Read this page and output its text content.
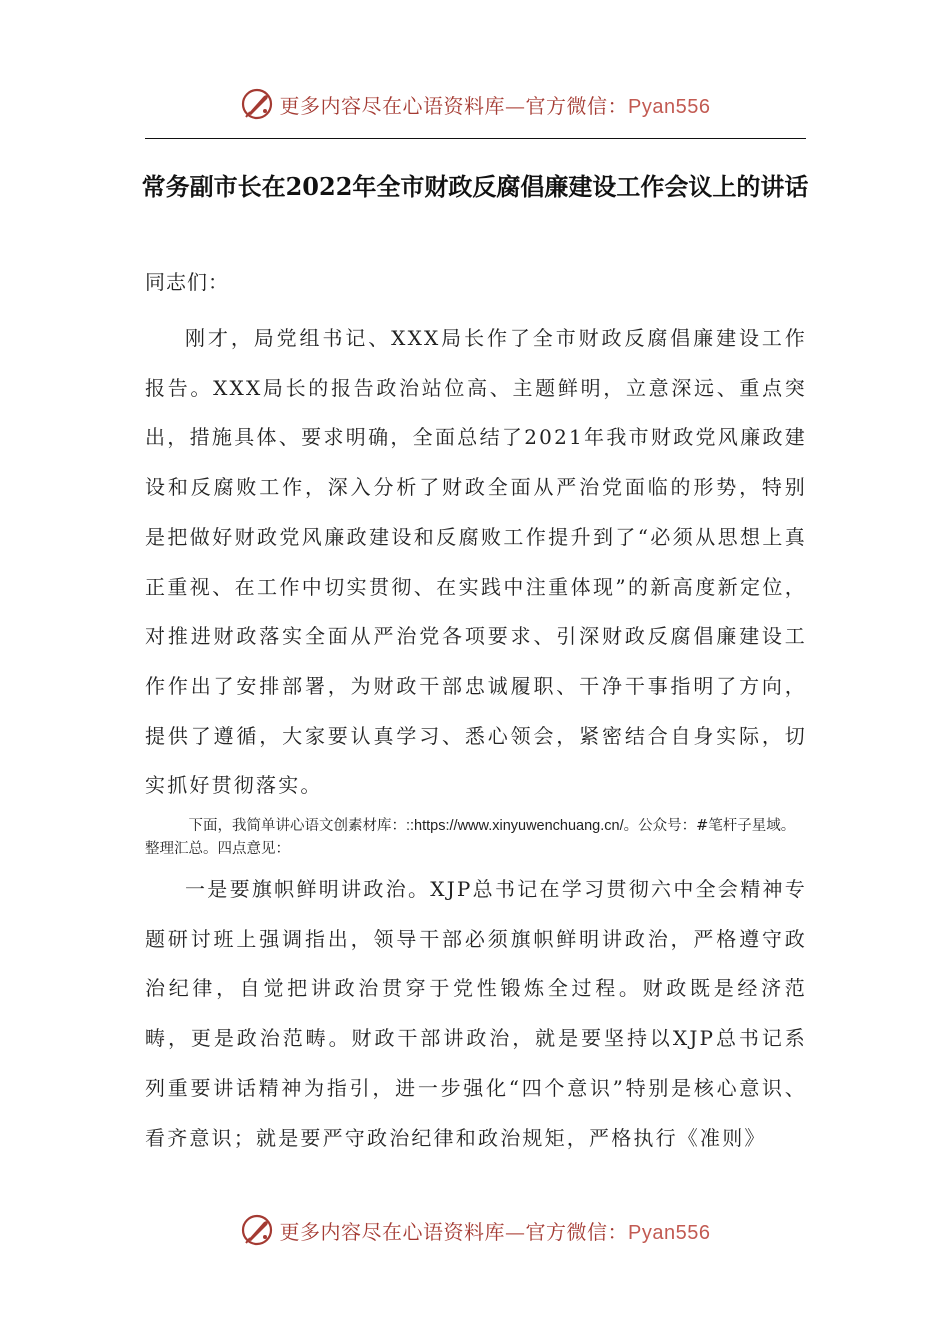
更多内容尽在心语资料库—官方微信：Pyan556
常务副市长在2022年全市财政反腐倡廉建设工作会议上的讲话

同志们：

刚才，局党组书记、XXX局长作了全市财政反腐倡廉建设工作报告。XXX局长的报告政治站位高、主题鲜明，立意深远、重点突出，措施具体、要求明确，全面总结了2021年我市财政党风廉政建设和反腐败工作，深入分析了财政全面从严治党面临的形势，特别是把做好财政党风廉政建设和反腐败工作提升到了“必须从思想上真正重视、在工作中切实贯彻、在实践中注重体现”的新高度新定位，对推进财政落实全面从严治党各项要求、引深财政反腐倡廉建设工作作出了安排部署，为财政干部忠诚履职、干净干事指明了方向，提供了遵循，大家要认真学习、悉心领会，紧密结合自身实际，切实抓好贯彻落实。

下面，我简单讲心语文创素材库：::https://www.xinyuwenchuang.cn/。公众号：#笔杆子星域。整理汇总。四点意见：

一是要旗帜鲜明讲政治。XJP总书记在学习贯彻六中全会精神专题研讨班上强调指出，领导干部必须旗帜鲜明讲政治，严格遵守政治纪律，自觉把讲政治贯穿于党性锻炼全过程。财政既是经济范畴，更是政治范畴。财政干部讲政治，就是要坚持以XJP总书记系列重要讲话精神为指引，进一步强化“四个意识”特别是核心意识、看齐意识；就是要严守政治纪律和政治规矩，严格执行《准则》

更多内容尽在心语资料库—官方微信：Pyan556
